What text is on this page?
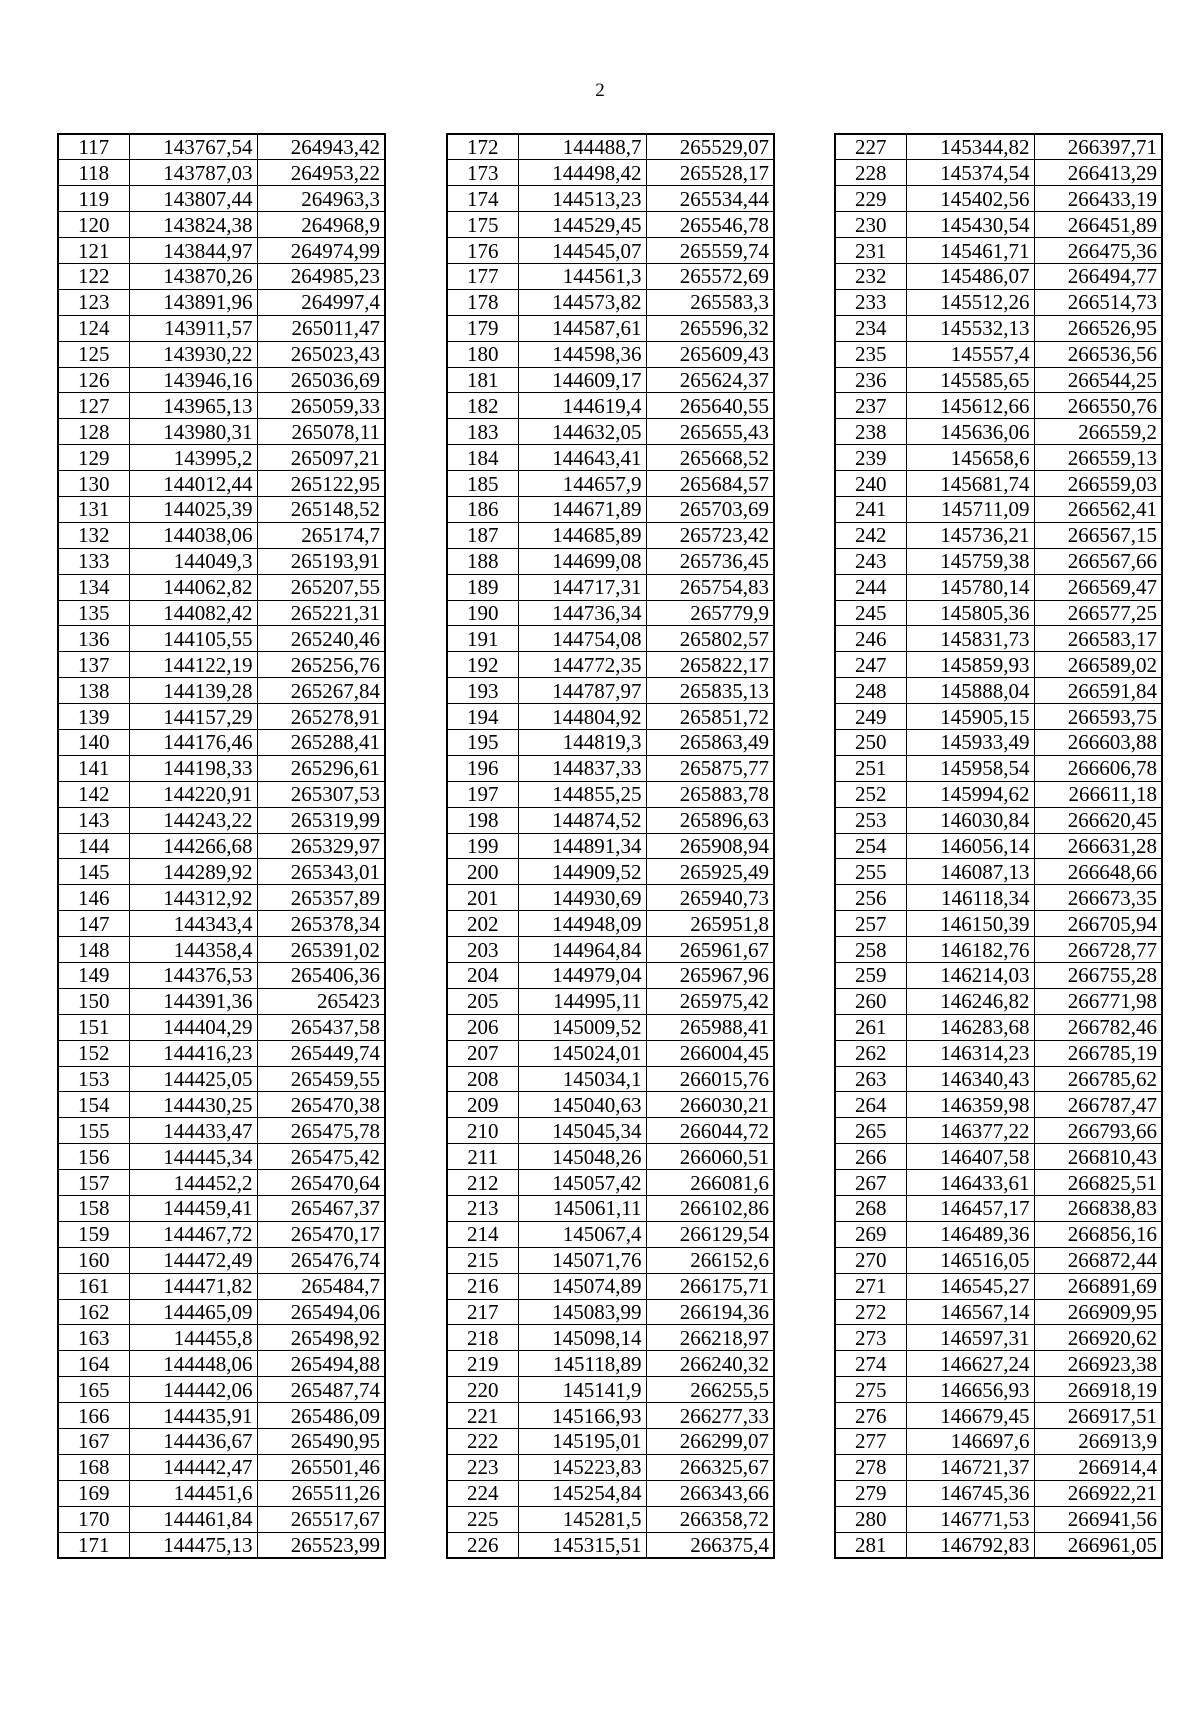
2
117	143767,54	264943,42
118	143787,03	264953,22
119	143807,44	264963,3
120	143824,38	264968,9
121	143844,97	264974,99
122	143870,26	264985,23
123	143891,96	264997,4
124	143911,57	265011,47
125	143930,22	265023,43
126	143946,16	265036,69
127	143965,13	265059,33
128	143980,31	265078,11
129	143995,2	265097,21
130	144012,44	265122,95
131	144025,39	265148,52
132	144038,06	265174,7
133	144049,3	265193,91
134	144062,82	265207,55
135	144082,42	265221,31
136	144105,55	265240,46
137	144122,19	265256,76
138	144139,28	265267,84
139	144157,29	265278,91
140	144176,46	265288,41
141	144198,33	265296,61
142	144220,91	265307,53
143	144243,22	265319,99
144	144266,68	265329,97
145	144289,92	265343,01
146	144312,92	265357,89
147	144343,4	265378,34
148	144358,4	265391,02
149	144376,53	265406,36
150	144391,36	265423
151	144404,29	265437,58
152	144416,23	265449,74
153	144425,05	265459,55
154	144430,25	265470,38
155	144433,47	265475,78
156	144445,34	265475,42
157	144452,2	265470,64
158	144459,41	265467,37
159	144467,72	265470,17
160	144472,49	265476,74
161	144471,82	265484,7
162	144465,09	265494,06
163	144455,8	265498,92
164	144448,06	265494,88
165	144442,06	265487,74
166	144435,91	265486,09
167	144436,67	265490,95
168	144442,47	265501,46
169	144451,6	265511,26
170	144461,84	265517,67
171	144475,13	265523,99
172	144488,7	265529,07
173	144498,42	265528,17
174	144513,23	265534,44
175	144529,45	265546,78
176	144545,07	265559,74
177	144561,3	265572,69
178	144573,82	265583,3
179	144587,61	265596,32
180	144598,36	265609,43
181	144609,17	265624,37
182	144619,4	265640,55
183	144632,05	265655,43
184	144643,41	265668,52
185	144657,9	265684,57
186	144671,89	265703,69
187	144685,89	265723,42
188	144699,08	265736,45
189	144717,31	265754,83
190	144736,34	265779,9
191	144754,08	265802,57
192	144772,35	265822,17
193	144787,97	265835,13
194	144804,92	265851,72
195	144819,3	265863,49
196	144837,33	265875,77
197	144855,25	265883,78
198	144874,52	265896,63
199	144891,34	265908,94
200	144909,52	265925,49
201	144930,69	265940,73
202	144948,09	265951,8
203	144964,84	265961,67
204	144979,04	265967,96
205	144995,11	265975,42
206	145009,52	265988,41
207	145024,01	266004,45
208	145034,1	266015,76
209	145040,63	266030,21
210	145045,34	266044,72
211	145048,26	266060,51
212	145057,42	266081,6
213	145061,11	266102,86
214	145067,4	266129,54
215	145071,76	266152,6
216	145074,89	266175,71
217	145083,99	266194,36
218	145098,14	266218,97
219	145118,89	266240,32
220	145141,9	266255,5
221	145166,93	266277,33
222	145195,01	266299,07
223	145223,83	266325,67
224	145254,84	266343,66
225	145281,5	266358,72
226	145315,51	266375,4
227	145344,82	266397,71
228	145374,54	266413,29
229	145402,56	266433,19
230	145430,54	266451,89
231	145461,71	266475,36
232	145486,07	266494,77
233	145512,26	266514,73
234	145532,13	266526,95
235	145557,4	266536,56
236	145585,65	266544,25
237	145612,66	266550,76
238	145636,06	266559,2
239	145658,6	266559,13
240	145681,74	266559,03
241	145711,09	266562,41
242	145736,21	266567,15
243	145759,38	266567,66
244	145780,14	266569,47
245	145805,36	266577,25
246	145831,73	266583,17
247	145859,93	266589,02
248	145888,04	266591,84
249	145905,15	266593,75
250	145933,49	266603,88
251	145958,54	266606,78
252	145994,62	266611,18
253	146030,84	266620,45
254	146056,14	266631,28
255	146087,13	266648,66
256	146118,34	266673,35
257	146150,39	266705,94
258	146182,76	266728,77
259	146214,03	266755,28
260	146246,82	266771,98
261	146283,68	266782,46
262	146314,23	266785,19
263	146340,43	266785,62
264	146359,98	266787,47
265	146377,22	266793,66
266	146407,58	266810,43
267	146433,61	266825,51
268	146457,17	266838,83
269	146489,36	266856,16
270	146516,05	266872,44
271	146545,27	266891,69
272	146567,14	266909,95
273	146597,31	266920,62
274	146627,24	266923,38
275	146656,93	266918,19
276	146679,45	266917,51
277	146697,6	266913,9
278	146721,37	266914,4
279	146745,36	266922,21
280	146771,53	266941,56
281	146792,83	266961,05
